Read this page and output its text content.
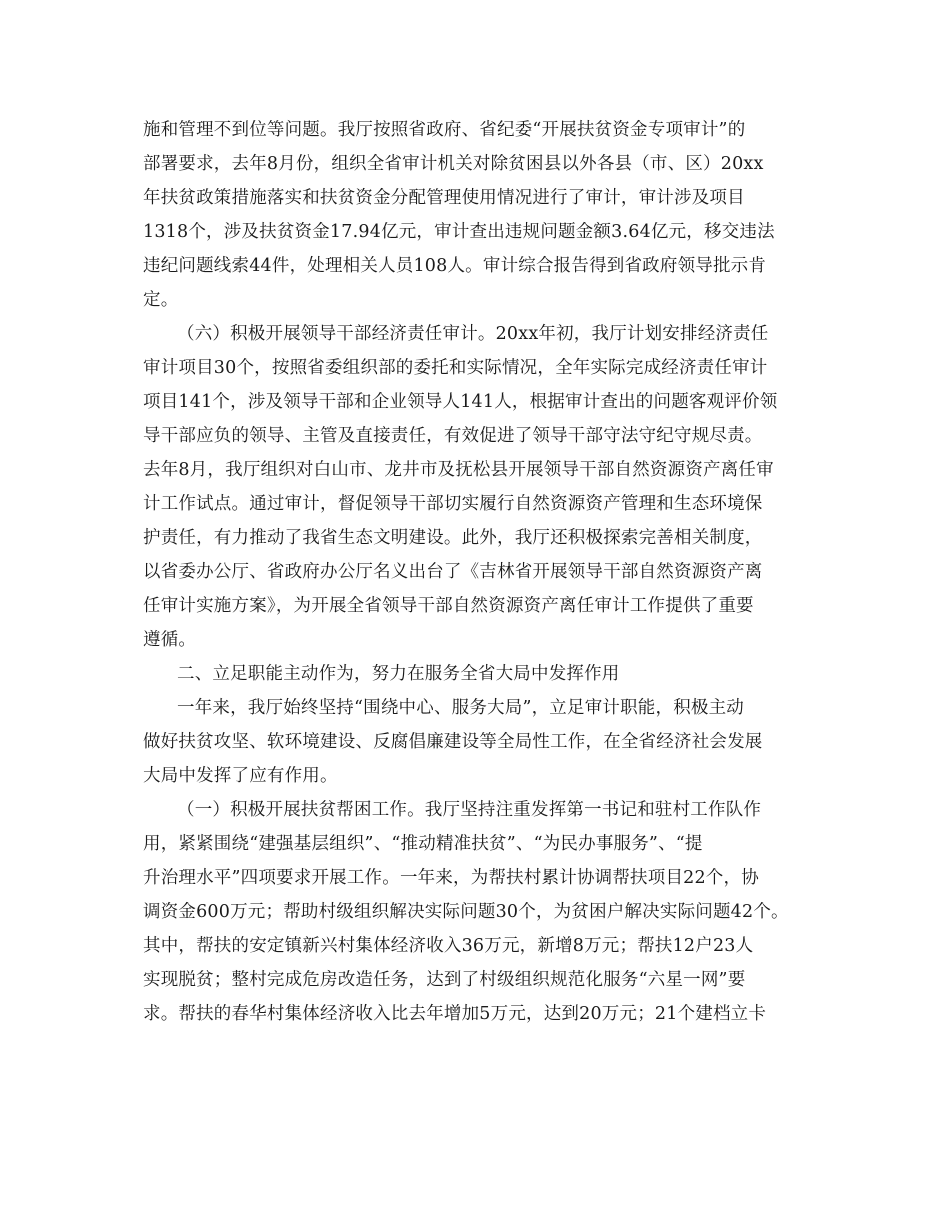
施和管理不到位等问题。我厅按照省政府、省纪委“开展扶贫资金专项审计”的
部署要求，去年8月份，组织全省审计机关对除贫困县以外各县（市、区）20xx
年扶贫政策措施落实和扶贫资金分配管理使用情况进行了审计，审计涉及项目
1318个，涉及扶贫资金17.94亿元，审计查出违规问题金额3.64亿元，移交违法
违纪问题线索44件，处理相关人员108人。审计综合报告得到省政府领导批示肯
定。
（六）积极开展领导干部经济责任审计。20xx年初，我厅计划安排经济责任
审计项目30个，按照省委组织部的委托和实际情况，全年实际完成经济责任审计
项目141个，涉及领导干部和企业领导人141人，根据审计查出的问题客观评价领
导干部应负的领导、主管及直接责任，有效促进了领导干部守法守纪守规尽责。
去年8月，我厅组织对白山市、龙井市及抚松县开展领导干部自然资源资产离任审
计工作试点。通过审计，督促领导干部切实履行自然资源资产管理和生态环境保
护责任，有力推动了我省生态文明建设。此外，我厅还积极探索完善相关制度，
以省委办公厅、省政府办公厅名义出台了《吉林省开展领导干部自然资源资产离
任审计实施方案》，为开展全省领导干部自然资源资产离任审计工作提供了重要
遵循。
二、立足职能主动作为，努力在服务全省大局中发挥作用
一年来，我厅始终坚持“围绕中心、服务大局”，立足审计职能，积极主动
做好扶贫攻坚、软环境建设、反腐倡廉建设等全局性工作，在全省经济社会发展
大局中发挥了应有作用。
（一）积极开展扶贫帮困工作。我厅坚持注重发挥第一书记和驻村工作队作
用，紧紧围绕“建强基层组织”、“推动精准扶贫”、“为民办事服务”、“提
升治理水平”四项要求开展工作。一年来，为帮扶村累计协调帮扶项目22个，协
调资金600万元；帮助村级组织解决实际问题30个，为贫困户解决实际问题42个。
其中，帮扶的安定镇新兴村集体经济收入36万元，新增8万元；帮扶12户23人
实现脱贫；整村完成危房改造任务，达到了村级组织规范化服务“六星一网”要
求。帮扶的春华村集体经济收入比去年增加5万元，达到20万元；21个建档立卡
